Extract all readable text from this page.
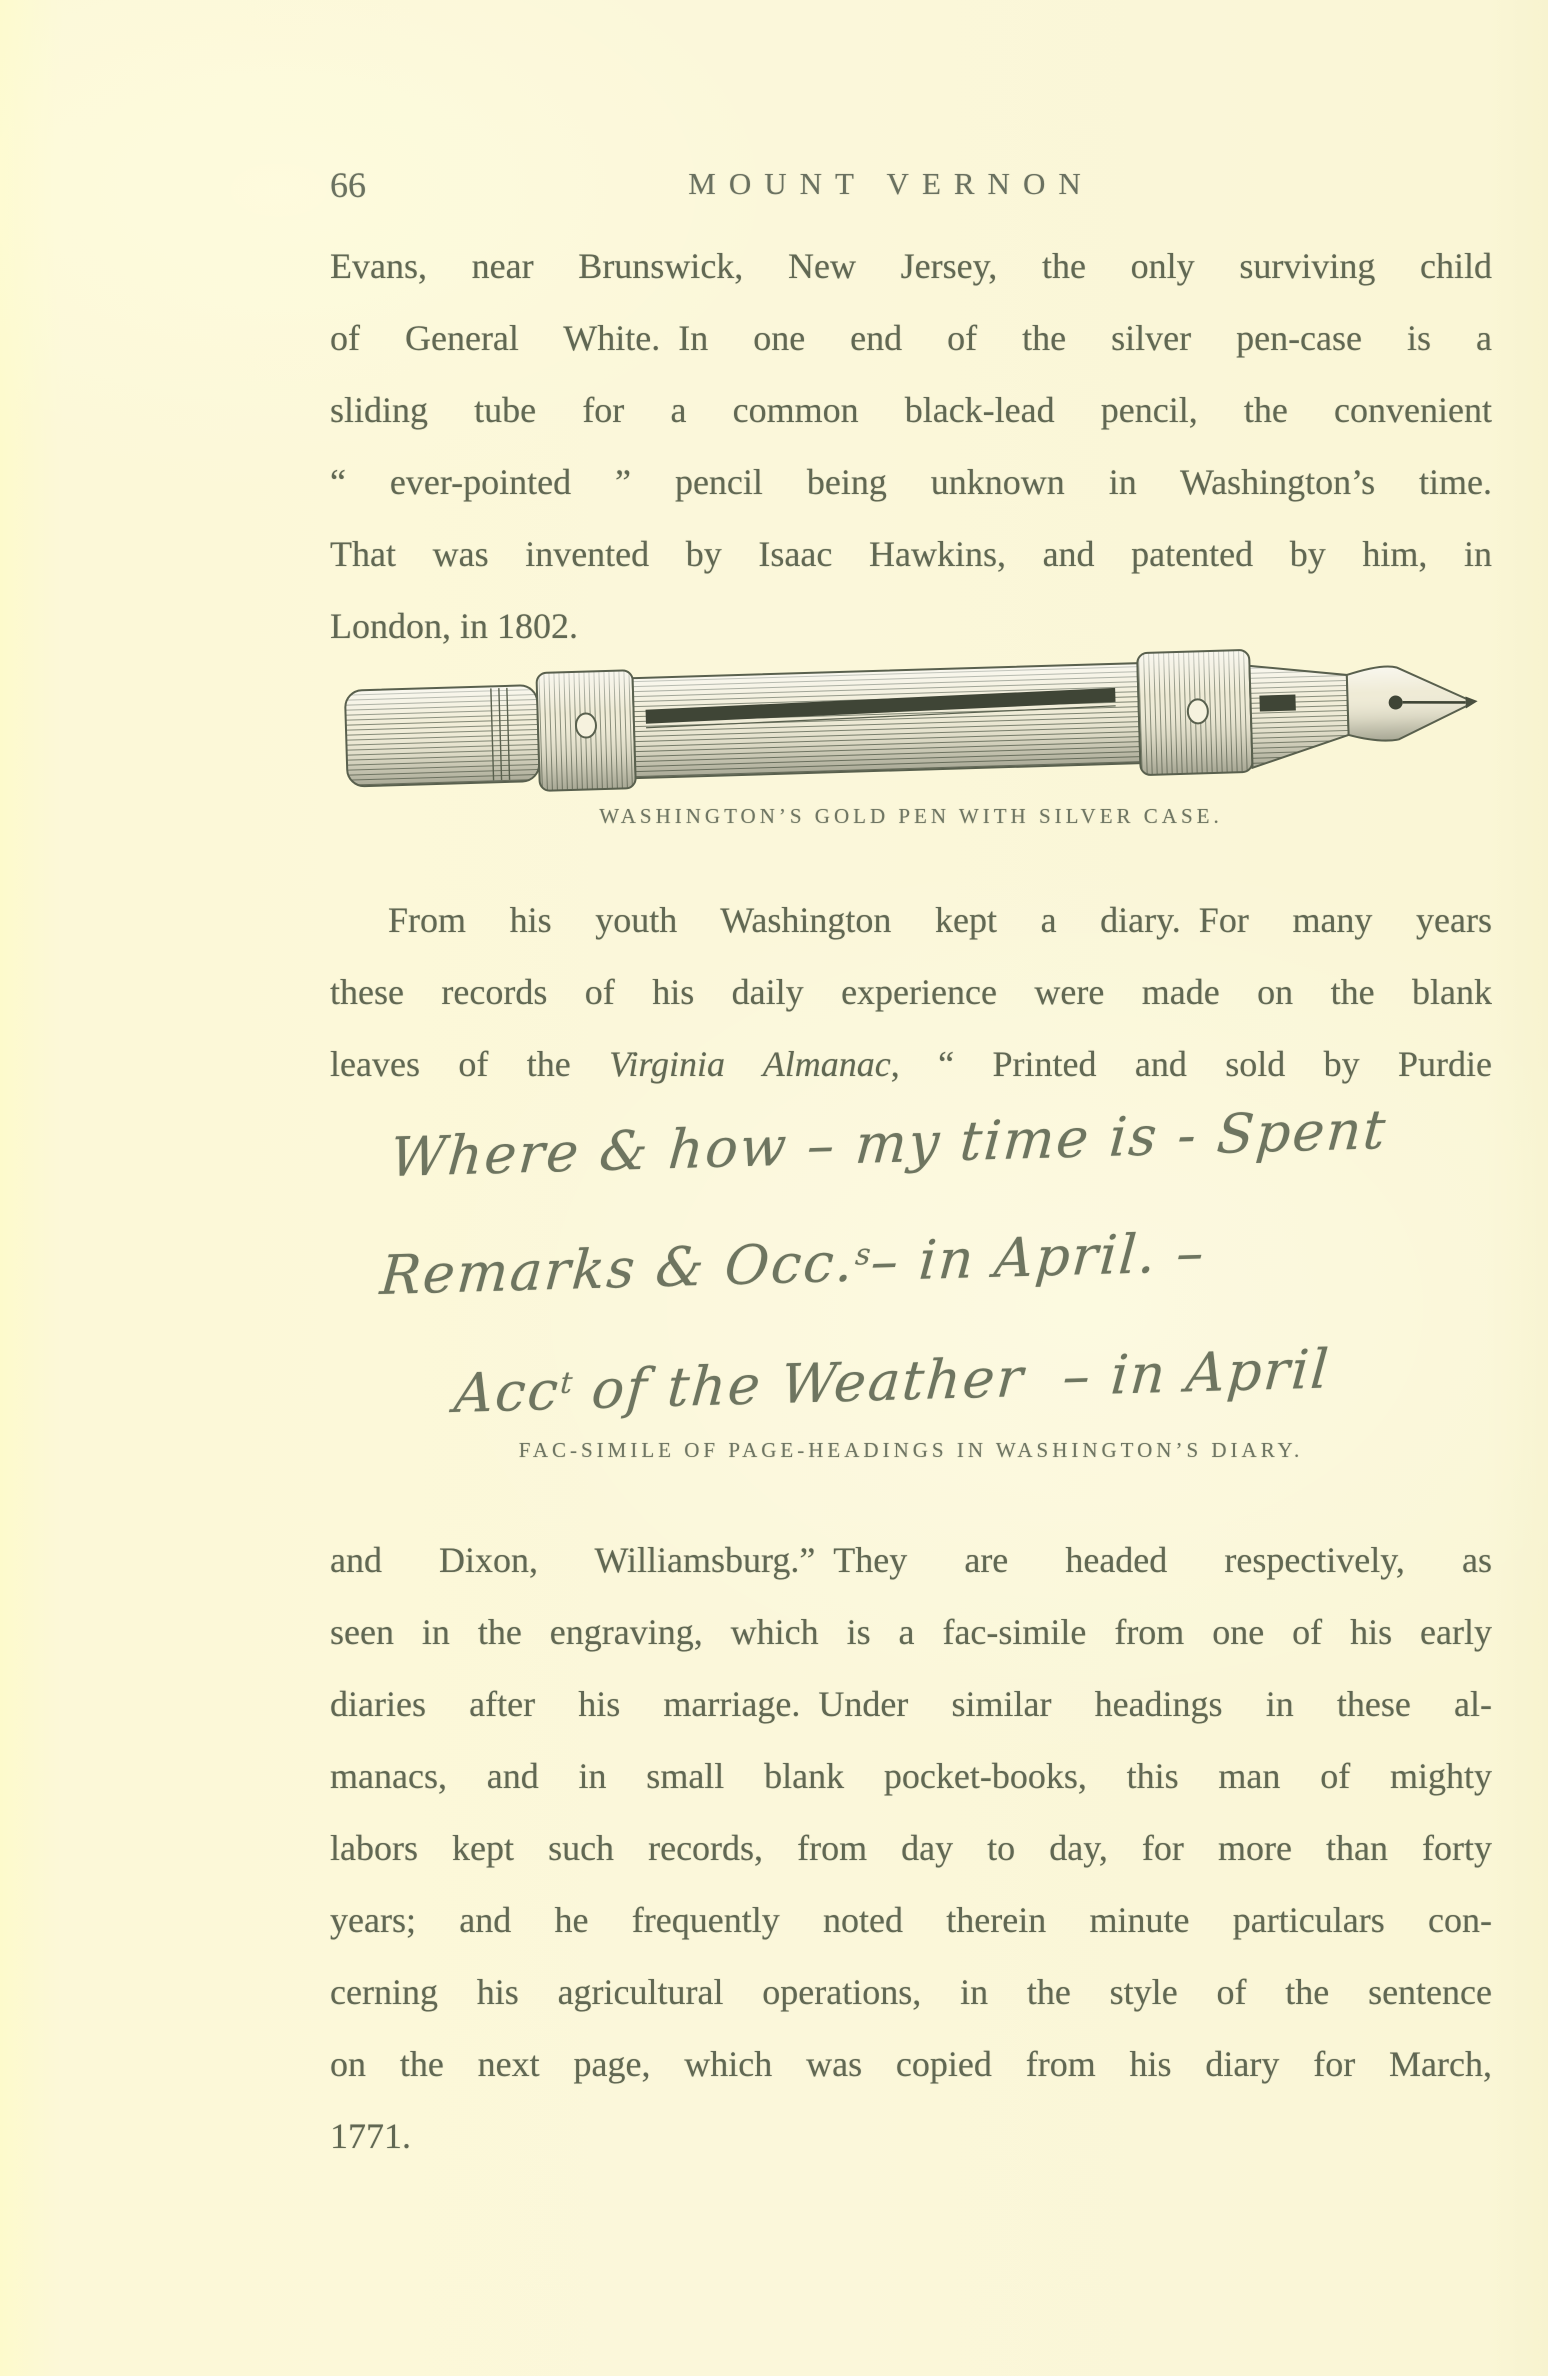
66	MOUNT VERNON
Evans, near Brunswick, New Jersey, the only surviving child
of General White. In one end of the silver pen-case is a
sliding tube for a common black-lead pencil, the convenient
“ ever-pointed ” pencil being unknown in Washington’s time.
That was invented by Isaac Hawkins, and patented by him, in
London, in 1802.
WASHINGTON’S GOLD PEN WITH SILVER CASE.
From his youth Washington kept a diary. For many years
these records of his daily experience were made on the blank
leaves of the Virginia Almanac, “ Printed and sold by Purdie
Where & how – my time is - Spent
Remarks & Occ.$^s$– in April. –
Acc$^t$ of the Weather  – in April
FAC-SIMILE OF PAGE-HEADINGS IN WASHINGTON’S DIARY.
and Dixon, Williamsburg.” They are headed respectively, as
seen in the engraving, which is a fac-simile from one of his early
diaries after his marriage. Under similar headings in these al-
manacs, and in small blank pocket-books, this man of mighty
labors kept such records, from day to day, for more than forty
years; and he frequently noted therein minute particulars con-
cerning his agricultural operations, in the style of the sentence
on the next page, which was copied from his diary for March,
1771.
